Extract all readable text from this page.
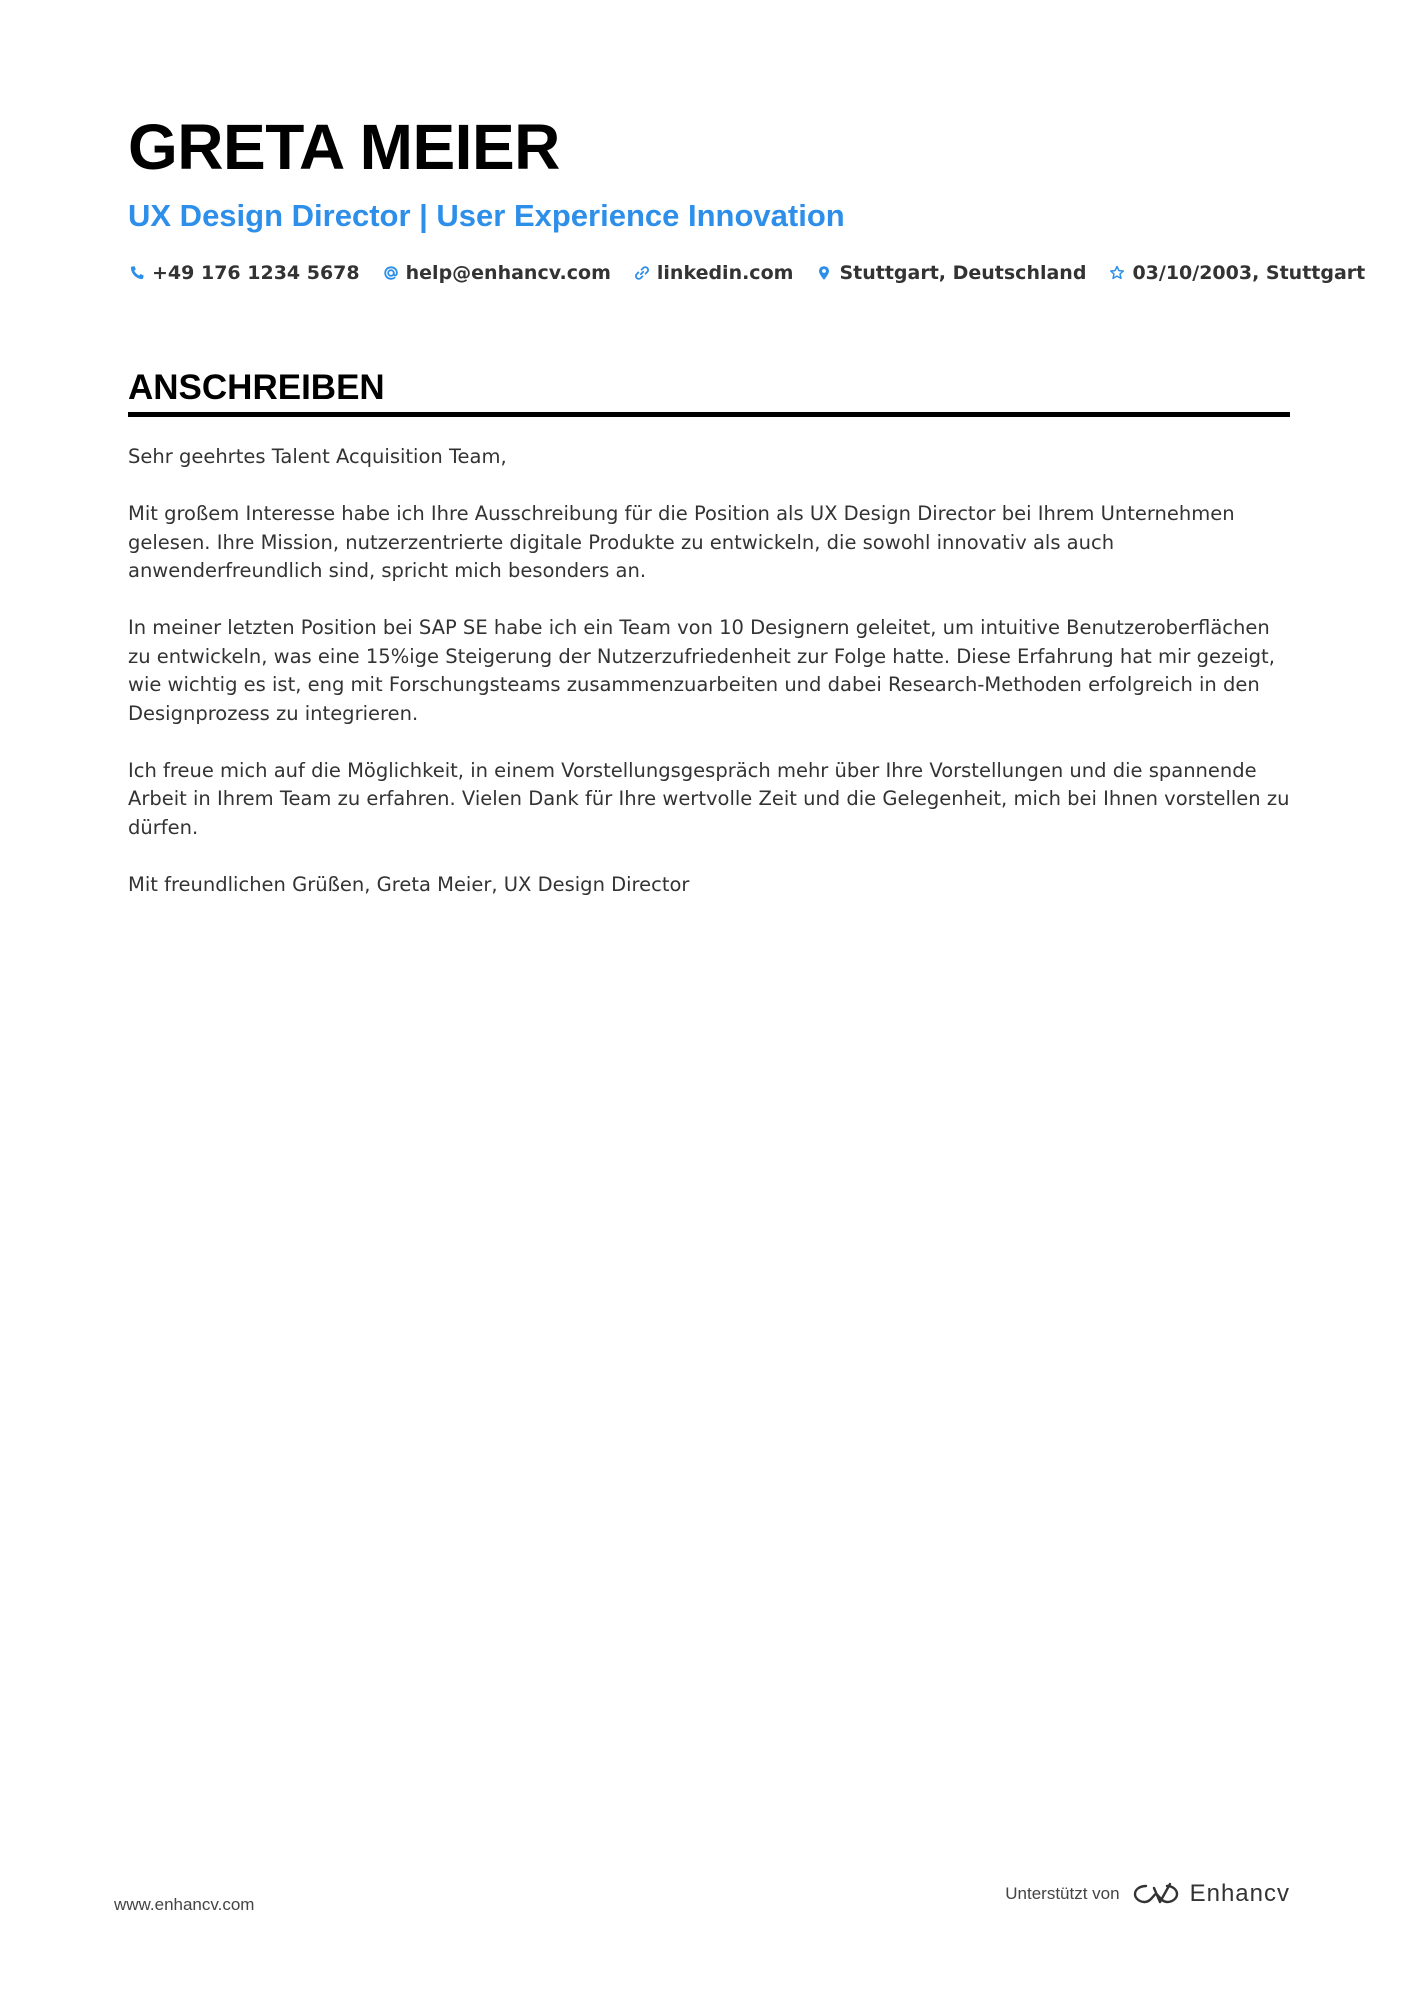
GRETA MEIER
UX Design Director | User Experience Innovation
+49 176 1234 5678 help@enhancv.com linkedin.com Stuttgart, Deutschland 03/10/2003, Stuttgart
ANSCHREIBEN

Sehr geehrtes Talent Acquisition Team,

Mit großem Interesse habe ich Ihre Ausschreibung für die Position als UX Design Director bei Ihrem Unternehmen gelesen. Ihre Mission, nutzerzentrierte digitale Produkte zu entwickeln, die sowohl innovativ als auch anwenderfreundlich sind, spricht mich besonders an.

In meiner letzten Position bei SAP SE habe ich ein Team von 10 Designern geleitet, um intuitive Benutzeroberflächen zu entwickeln, was eine 15%ige Steigerung der Nutzerzufriedenheit zur Folge hatte. Diese Erfahrung hat mir gezeigt, wie wichtig es ist, eng mit Forschungsteams zusammenzuarbeiten und dabei Research-Methoden erfolgreich in den Designprozess zu integrieren.

Ich freue mich auf die Möglichkeit, in einem Vorstellungsgespräch mehr über Ihre Vorstellungen und die spannende Arbeit in Ihrem Team zu erfahren. Vielen Dank für Ihre wertvolle Zeit und die Gelegenheit, mich bei Ihnen vorstellen zu dürfen.

Mit freundlichen Grüßen, Greta Meier, UX Design Director

www.enhancv.com
Unterstützt von	Enhancv
